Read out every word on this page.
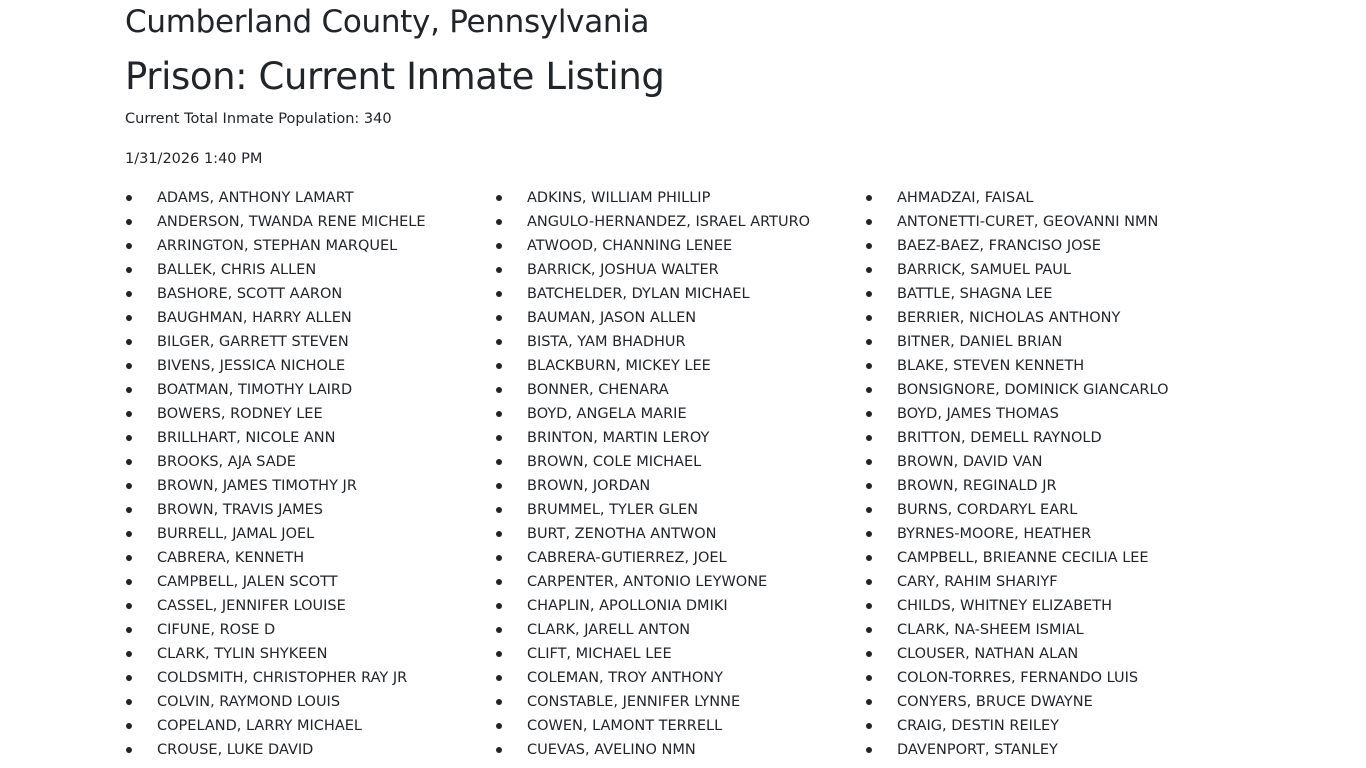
Cumberland County, Pennsylvania
Prison: Current Inmate Listing

Current Total Inmate Population: 340

1/31/2026 1:40 PM

ADAMS, ANTHONY LAMART
ANDERSON, TWANDA RENE MICHELE
ARRINGTON, STEPHAN MARQUEL
BALLEK, CHRIS ALLEN
BASHORE, SCOTT AARON
BAUGHMAN, HARRY ALLEN
BILGER, GARRETT STEVEN
BIVENS, JESSICA NICHOLE
BOATMAN, TIMOTHY LAIRD
BOWERS, RODNEY LEE
BRILLHART, NICOLE ANN
BROOKS, AJA SADE
BROWN, JAMES TIMOTHY JR
BROWN, TRAVIS JAMES
BURRELL, JAMAL JOEL
CABRERA, KENNETH
CAMPBELL, JALEN SCOTT
CASSEL, JENNIFER LOUISE
CIFUNE, ROSE D
CLARK, TYLIN SHYKEEN
COLDSMITH, CHRISTOPHER RAY JR
COLVIN, RAYMOND LOUIS
COPELAND, LARRY MICHAEL
CROUSE, LUKE DAVID
ADKINS, WILLIAM PHILLIP
ANGULO-HERNANDEZ, ISRAEL ARTURO
ATWOOD, CHANNING LENEE
BARRICK, JOSHUA WALTER
BATCHELDER, DYLAN MICHAEL
BAUMAN, JASON ALLEN
BISTA, YAM BHADHUR
BLACKBURN, MICKEY LEE
BONNER, CHENARA
BOYD, ANGELA MARIE
BRINTON, MARTIN LEROY
BROWN, COLE MICHAEL
BROWN, JORDAN
BRUMMEL, TYLER GLEN
BURT, ZENOTHA ANTWON
CABRERA-GUTIERREZ, JOEL
CARPENTER, ANTONIO LEYWONE
CHAPLIN, APOLLONIA DMIKI
CLARK, JARELL ANTON
CLIFT, MICHAEL LEE
COLEMAN, TROY ANTHONY
CONSTABLE, JENNIFER LYNNE
COWEN, LAMONT TERRELL
CUEVAS, AVELINO NMN
AHMADZAI, FAISAL
ANTONETTI-CURET, GEOVANNI NMN
BAEZ-BAEZ, FRANCISO JOSE
BARRICK, SAMUEL PAUL
BATTLE, SHAGNA LEE
BERRIER, NICHOLAS ANTHONY
BITNER, DANIEL BRIAN
BLAKE, STEVEN KENNETH
BONSIGNORE, DOMINICK GIANCARLO
BOYD, JAMES THOMAS
BRITTON, DEMELL RAYNOLD
BROWN, DAVID VAN
BROWN, REGINALD JR
BURNS, CORDARYL EARL
BYRNES-MOORE, HEATHER
CAMPBELL, BRIEANNE CECILIA LEE
CARY, RAHIM SHARIYF
CHILDS, WHITNEY ELIZABETH
CLARK, NA-SHEEM ISMIAL
CLOUSER, NATHAN ALAN
COLON-TORRES, FERNANDO LUIS
CONYERS, BRUCE DWAYNE
CRAIG, DESTIN REILEY
DAVENPORT, STANLEY
